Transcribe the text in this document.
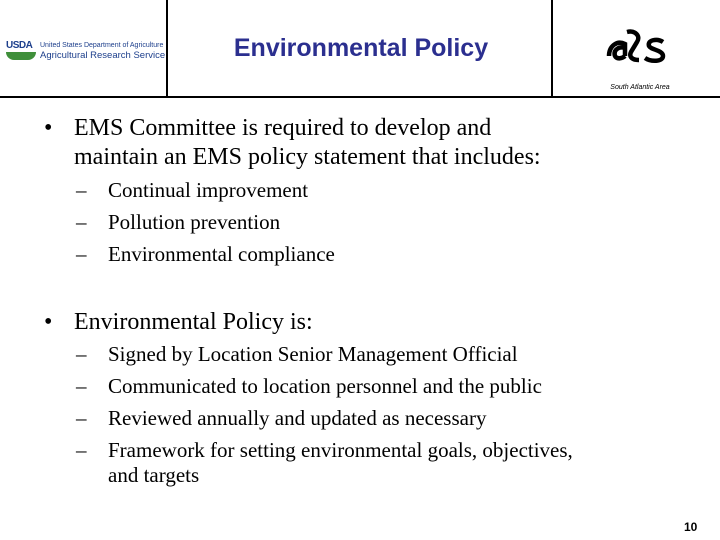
USDA United States Department of Agriculture
Agricultural Research Service	Environmental Policy
South Atlantic Area
• EMS Committee is required to develop and
maintain an EMS policy statement that includes:
– Continual improvement
– Pollution prevention
– Environmental compliance
• Environmental Policy is:
– Signed by Location Senior Management Official
– Communicated to location personnel and the public
– Reviewed annually and updated as necessary
– Framework for setting environmental goals, objectives,
and targets
10
